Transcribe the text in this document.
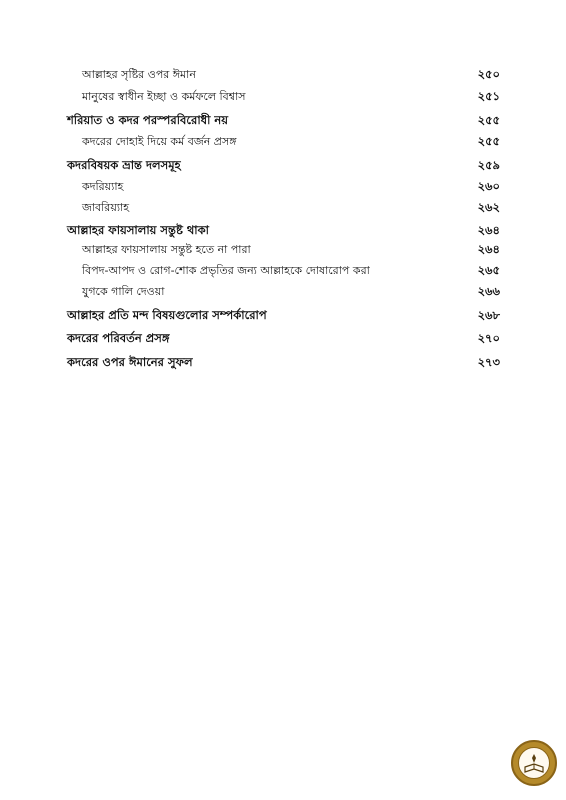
আল্লাহর সৃষ্টির ওপর ঈমান	২৫০
মানুষের স্বাধীন ইচ্ছা ও কর্মফলে বিশ্বাস	২৫১
শরিয়াত ও কদর পরস্পরবিরোধী নয়	২৫৫
কদরের দোহাই দিয়ে কর্ম বর্জন প্রসঙ্গ	২৫৫
কদরবিষয়ক ভ্রান্ত দলসমূহ	২৫৯
কদরিয়্যাহ	২৬০
জাবরিয়্যাহ	২৬২
আল্লাহর ফায়সালায় সন্তুষ্ট থাকা	২৬৪
আল্লাহর ফায়সালায় সন্তুষ্ট হতে না পারা	২৬৪
বিপদ-আপদ ও রোগ-শোক প্রভৃতির জন্য আল্লাহকে দোষারোপ করা	২৬৫
যুগকে গালি দেওয়া	২৬৬
আল্লাহর প্রতি মন্দ বিষয়গুলোর সম্পর্কারোপ	২৬৮
কদরের পরিবর্তন প্রসঙ্গ	২৭০
কদরের ওপর ঈমানের সুফল	২৭৩
